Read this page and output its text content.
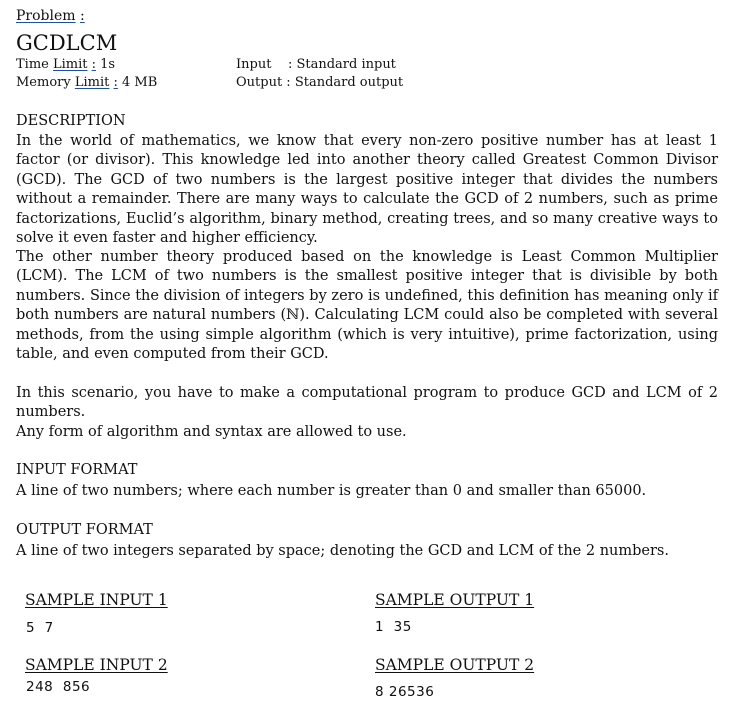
Problem :
GCDLCM
Time Limit : 1s
Memory Limit : 4 MB
Input    : Standard input
Output : Standard output
DESCRIPTION

In the world of mathematics, we know that every non-zero positive number has at least 1 factor (or divisor). This knowledge led into another theory called Greatest Common Divisor (GCD). The GCD of two numbers is the largest positive integer that divides the numbers without a remainder. There are many ways to calculate the GCD of 2 numbers, such as prime factorizations, Euclid’s algorithm, binary method, creating trees, and so many creative ways to solve it even faster and higher efficiency.

The other number theory produced based on the knowledge is Least Common Multiplier (LCM). The LCM of two numbers is the smallest positive integer that is divisible by both numbers. Since the division of integers by zero is undefined, this definition has meaning only if both numbers are natural numbers (ℕ). Calculating LCM could also be completed with several methods, from the using simple algorithm (which is very intuitive), prime factorization, using table, and even computed from their GCD.

In this scenario, you have to make a computational program to produce GCD and LCM of 2 numbers.

Any form of algorithm and syntax are allowed to use.

INPUT FORMAT

A line of two numbers; where each number is greater than 0 and smaller than 65000.

OUTPUT FORMAT

A line of two integers separated by space; denoting the GCD and LCM of the 2 numbers.

SAMPLE INPUT 1
5  7
SAMPLE OUTPUT 1
1  35
SAMPLE INPUT 2
248  856
SAMPLE OUTPUT 2
8 26536
